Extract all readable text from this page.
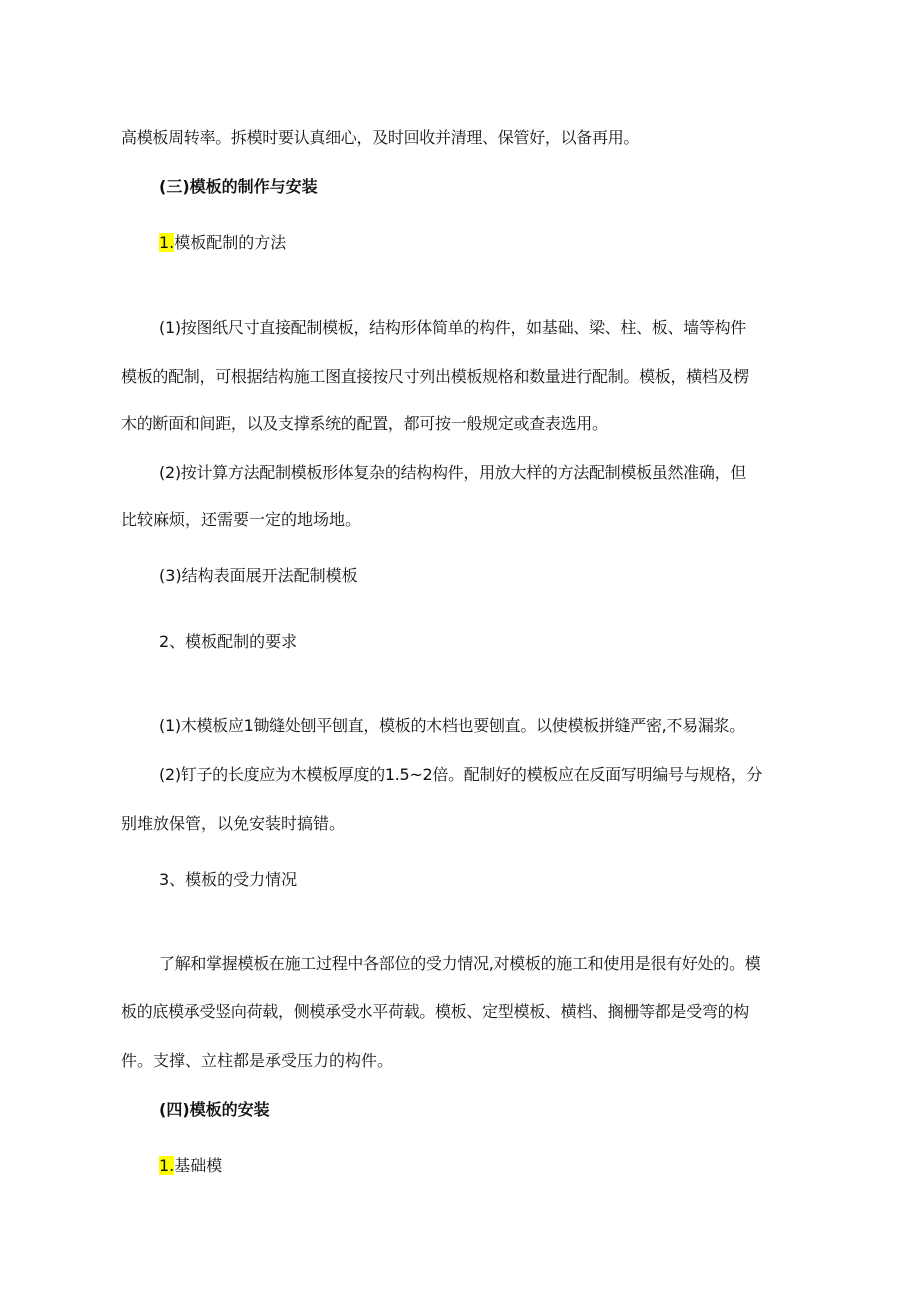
高模板周转率。拆模时要认真细心，及时回收并清理、保管好，以备再用。
(三)模板的制作与安装
1.模板配制的方法
(1)按图纸尺寸直接配制模板，结构形体简单的构件，如基础、梁、柱、板、墙等构件
模板的配制，可根据结构施工图直接按尺寸列出模板规格和数量进行配制。模板，横档及楞
木的断面和间距，以及支撑系统的配置，都可按一般规定或查表选用。
(2)按计算方法配制模板形体复杂的结构构件，用放大样的方法配制模板虽然准确，但
比较麻烦，还需要一定的地场地。
(3)结构表面展开法配制模板
2、模板配制的要求
(1)木模板应1锄缝处刨平刨直，模板的木档也要刨直。以使模板拼缝严密,不易漏浆。
(2)钉子的长度应为木模板厚度的1.5~2倍。配制好的模板应在反面写明编号与规格，分
别堆放保管，以免安装时搞错。
3、模板的受力情况
了解和掌握模板在施工过程中各部位的受力情况,对模板的施工和使用是很有好处的。模
板的底模承受竖向荷载，侧模承受水平荷载。模板、定型模板、横档、搁栅等都是受弯的构
件。支撑、立柱都是承受压力的构件。
(四)模板的安装
1.基础模
